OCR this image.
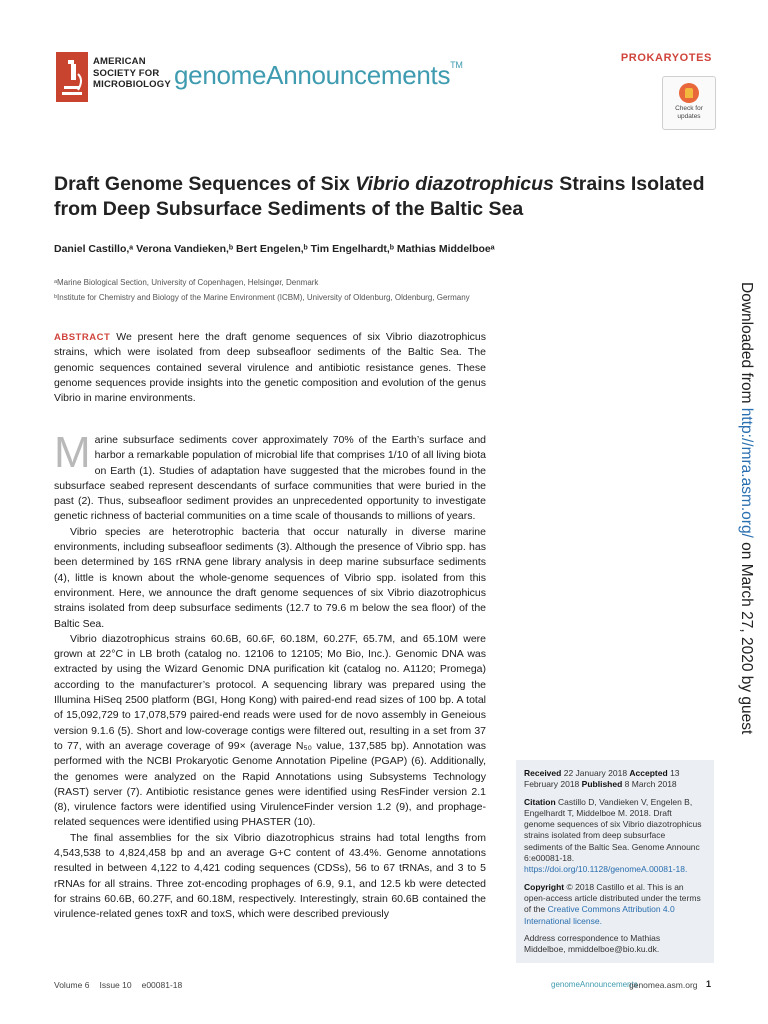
AMERICAN
SOCIETY FOR
MICROBIOLOGY genomeAnnouncements™
PROKARYOTES
Check for
updates
Draft Genome Sequences of Six Vibrio diazotrophicus Strains Isolated from Deep Subsurface Sediments of the Baltic Sea
Daniel Castillo,ᵃ Verona Vandieken,ᵇ Bert Engelen,ᵇ Tim Engelhardt,ᵇ Mathias Middelboeᵃ
ᵃMarine Biological Section, University of Copenhagen, Helsingør, Denmark
ᵇInstitute for Chemistry and Biology of the Marine Environment (ICBM), University of Oldenburg, Oldenburg, Germany
ABSTRACT We present here the draft genome sequences of six Vibrio diazotrophicus strains, which were isolated from deep subseafloor sediments of the Baltic Sea. The genomic sequences contained several virulence and antibiotic resistance genes. These genome sequences provide insights into the genetic composition and evolution of the genus Vibrio in marine environments.

Marine subsurface sediments cover approximately 70% of the Earth’s surface and harbor a remarkable population of microbial life that comprises 1/10 of all living biota on Earth (1). Studies of adaptation have suggested that the microbes found in the subsurface seabed represent descendants of surface communities that were buried in the past (2). Thus, subseafloor sediment provides an unprecedented opportunity to investigate genetic richness of bacterial communities on a time scale of thousands to millions of years.

Vibrio species are heterotrophic bacteria that occur naturally in diverse marine environments, including subseafloor sediments (3). Although the presence of Vibrio spp. has been determined by 16S rRNA gene library analysis in deep marine subsurface sediments (4), little is known about the whole-genome sequences of Vibrio spp. isolated from this environment. Here, we announce the draft genome sequences of six Vibrio diazotrophicus strains isolated from deep subsurface sediments (12.7 to 79.6 m below the sea floor) of the Baltic Sea.

Vibrio diazotrophicus strains 60.6B, 60.6F, 60.18M, 60.27F, 65.7M, and 65.10M were grown at 22°C in LB broth (catalog no. 12106 to 12105; Mo Bio, Inc.). Genomic DNA was extracted by using the Wizard Genomic DNA purification kit (catalog no. A1120; Promega) according to the manufacturer’s protocol. A sequencing library was prepared using the Illumina HiSeq 2500 platform (BGI, Hong Kong) with paired-end read sizes of 100 bp. A total of 15,092,729 to 17,078,579 paired-end reads were used for de novo assembly in Geneious version 9.1.6 (5). Short and low-coverage contigs were filtered out, resulting in a set from 37 to 77, with an average coverage of 99× (average N₅₀ value, 137,585 bp). Annotation was performed with the NCBI Prokaryotic Genome Annotation Pipeline (PGAP) (6). Additionally, the genomes were analyzed on the Rapid Annotations using Subsystems Technology (RAST) server (7). Antibiotic resistance genes were identified using ResFinder version 2.1 (8), virulence factors were identified using VirulenceFinder version 1.2 (9), and prophage-related sequences were identified using PHASTER (10).

The final assemblies for the six Vibrio diazotrophicus strains had total lengths from 4,543,538 to 4,824,458 bp and an average G+C content of 43.4%. Genome annotations resulted in between 4,122 to 4,421 coding sequences (CDSs), 56 to 67 tRNAs, and 3 to 5 rRNAs for all strains. Three zot-encoding prophages of 6.9, 9.1, and 12.5 kb were detected for strains 60.6B, 60.27F, and 60.18M, respectively. Interestingly, strain 60.6B contained the virulence-related genes toxR and toxS, which were described previously

Received 22 January 2018 Accepted 13 February 2018 Published 8 March 2018
Citation Castillo D, Vandieken V, Engelen B, Engelhardt T, Middelboe M. 2018. Draft genome sequences of six Vibrio diazotrophicus strains isolated from deep subsurface sediments of the Baltic Sea. Genome Announc 6:e00081-18. https://doi.org/10.1128/genomeA.00081-18.
Copyright © 2018 Castillo et al. This is an open-access article distributed under the terms of the Creative Commons Attribution 4.0 International license.
Address correspondence to Mathias Middelboe, mmiddelboe@bio.ku.dk.
Downloaded from http://mra.asm.org/ on March 27, 2020 by guest
Volume 6 Issue 10 e00081-18	genomeAnnouncements
genomea.asm.org 1
